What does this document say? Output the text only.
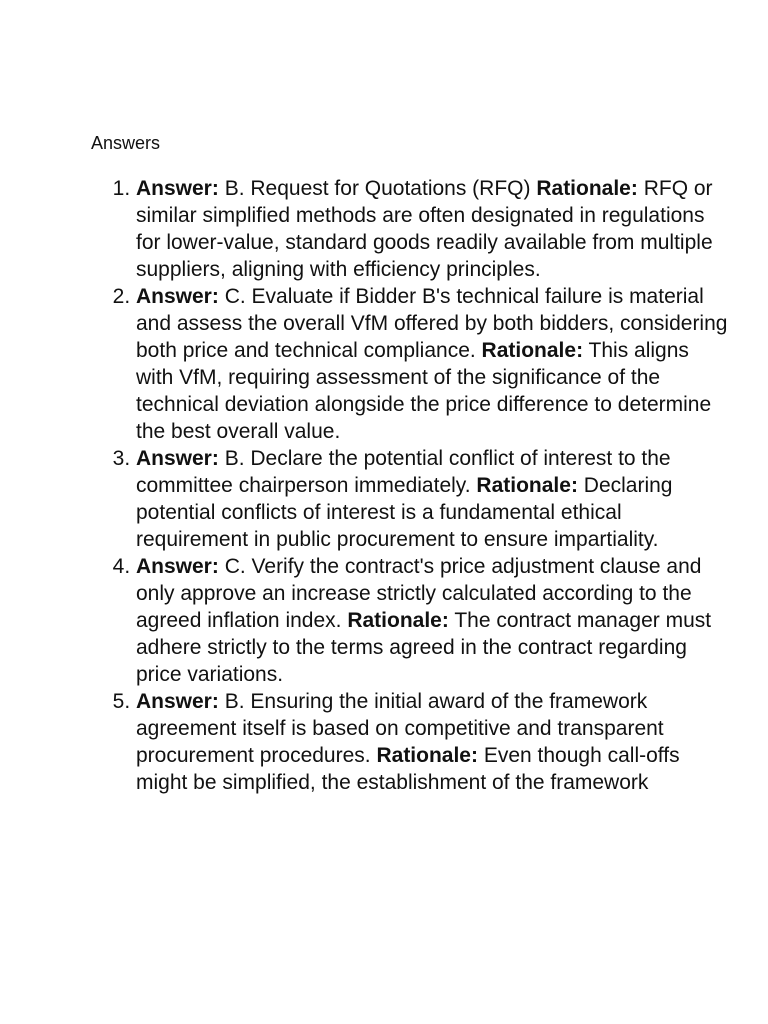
Answers

1. Answer: B. Request for Quotations (RFQ) Rationale: RFQ or similar simplified methods are often designated in regulations for lower-value, standard goods readily available from multiple suppliers, aligning with efficiency principles.
2. Answer: C. Evaluate if Bidder B's technical failure is material and assess the overall VfM offered by both bidders, considering both price and technical compliance. Rationale: This aligns with VfM, requiring assessment of the significance of the technical deviation alongside the price difference to determine the best overall value.
3. Answer: B. Declare the potential conflict of interest to the committee chairperson immediately. Rationale: Declaring potential conflicts of interest is a fundamental ethical requirement in public procurement to ensure impartiality.
4. Answer: C. Verify the contract's price adjustment clause and only approve an increase strictly calculated according to the agreed inflation index. Rationale: The contract manager must adhere strictly to the terms agreed in the contract regarding price variations.
5. Answer: B. Ensuring the initial award of the framework agreement itself is based on competitive and transparent procurement procedures. Rationale: Even though call-offs might be simplified, the establishment of the framework
